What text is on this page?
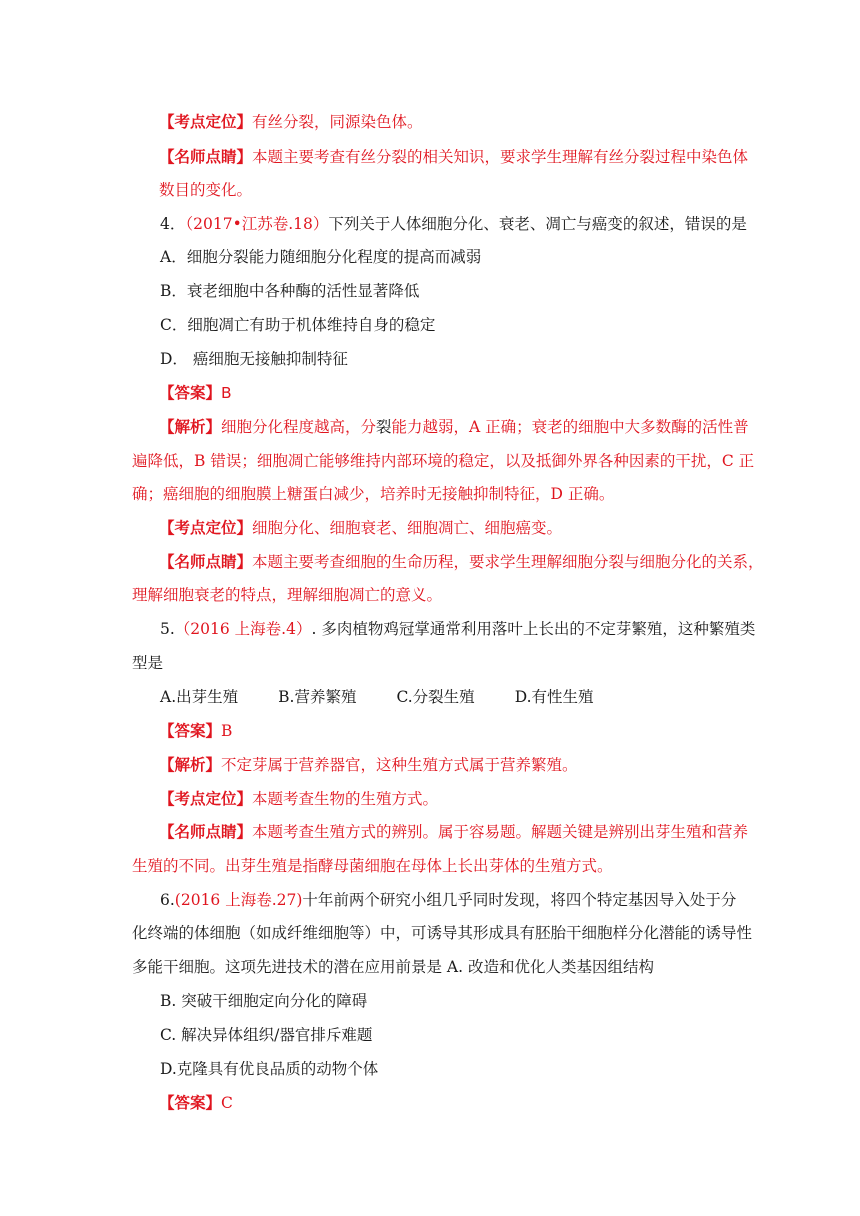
【考点定位】有丝分裂，同源染色体。
【名师点睛】本题主要考查有丝分裂的相关知识，要求学生理解有丝分裂过程中染色体
数目的变化。
4．（2017•江苏卷.18）下列关于人体细胞分化、衰老、凋亡与癌变的叙述，错误的是
A．细胞分裂能力随细胞分化程度的提高而减弱
B．衰老细胞中各种酶的活性显著降低
C．细胞凋亡有助于机体维持自身的稳定
D． 癌细胞无接触抑制特征
【答案】B
【解析】细胞分化程度越高，分裂能力越弱，A 正确；衰老的细胞中大多数酶的活性普
遍降低，B 错误；细胞凋亡能够维持内部环境的稳定，以及抵御外界各种因素的干扰，C 正
确；癌细胞的细胞膜上糖蛋白减少，培养时无接触抑制特征，D 正确。
【考点定位】细胞分化、细胞衰老、细胞凋亡、细胞癌变。
【名师点睛】本题主要考查细胞的生命历程，要求学生理解细胞分裂与细胞分化的关系，
理解细胞衰老的特点，理解细胞凋亡的意义。
5.（2016 上海卷.4）. 多肉植物鸡冠掌通常利用落叶上长出的不定芽繁殖，这种繁殖类
型是
A.出芽生殖	B.营养繁殖	C.分裂生殖	D.有性生殖
【答案】B
【解析】不定芽属于营养器官，这种生殖方式属于营养繁殖。
【考点定位】本题考查生物的生殖方式。
【名师点睛】本题考查生殖方式的辨别。属于容易题。解题关键是辨别出芽生殖和营养
生殖的不同。出芽生殖是指酵母菌细胞在母体上长出芽体的生殖方式。
6.(2016 上海卷.27)十年前两个研究小组几乎同时发现，将四个特定基因导入处于分
化终端的体细胞（如成纤维细胞等）中，可诱导其形成具有胚胎干细胞样分化潜能的诱导性
多能干细胞。这项先进技术的潜在应用前景是 A. 改造和优化人类基因组结构
B. 突破干细胞定向分化的障碍
C. 解决异体组织/器官排斥难题
D.克隆具有优良品质的动物个体
【答案】C
